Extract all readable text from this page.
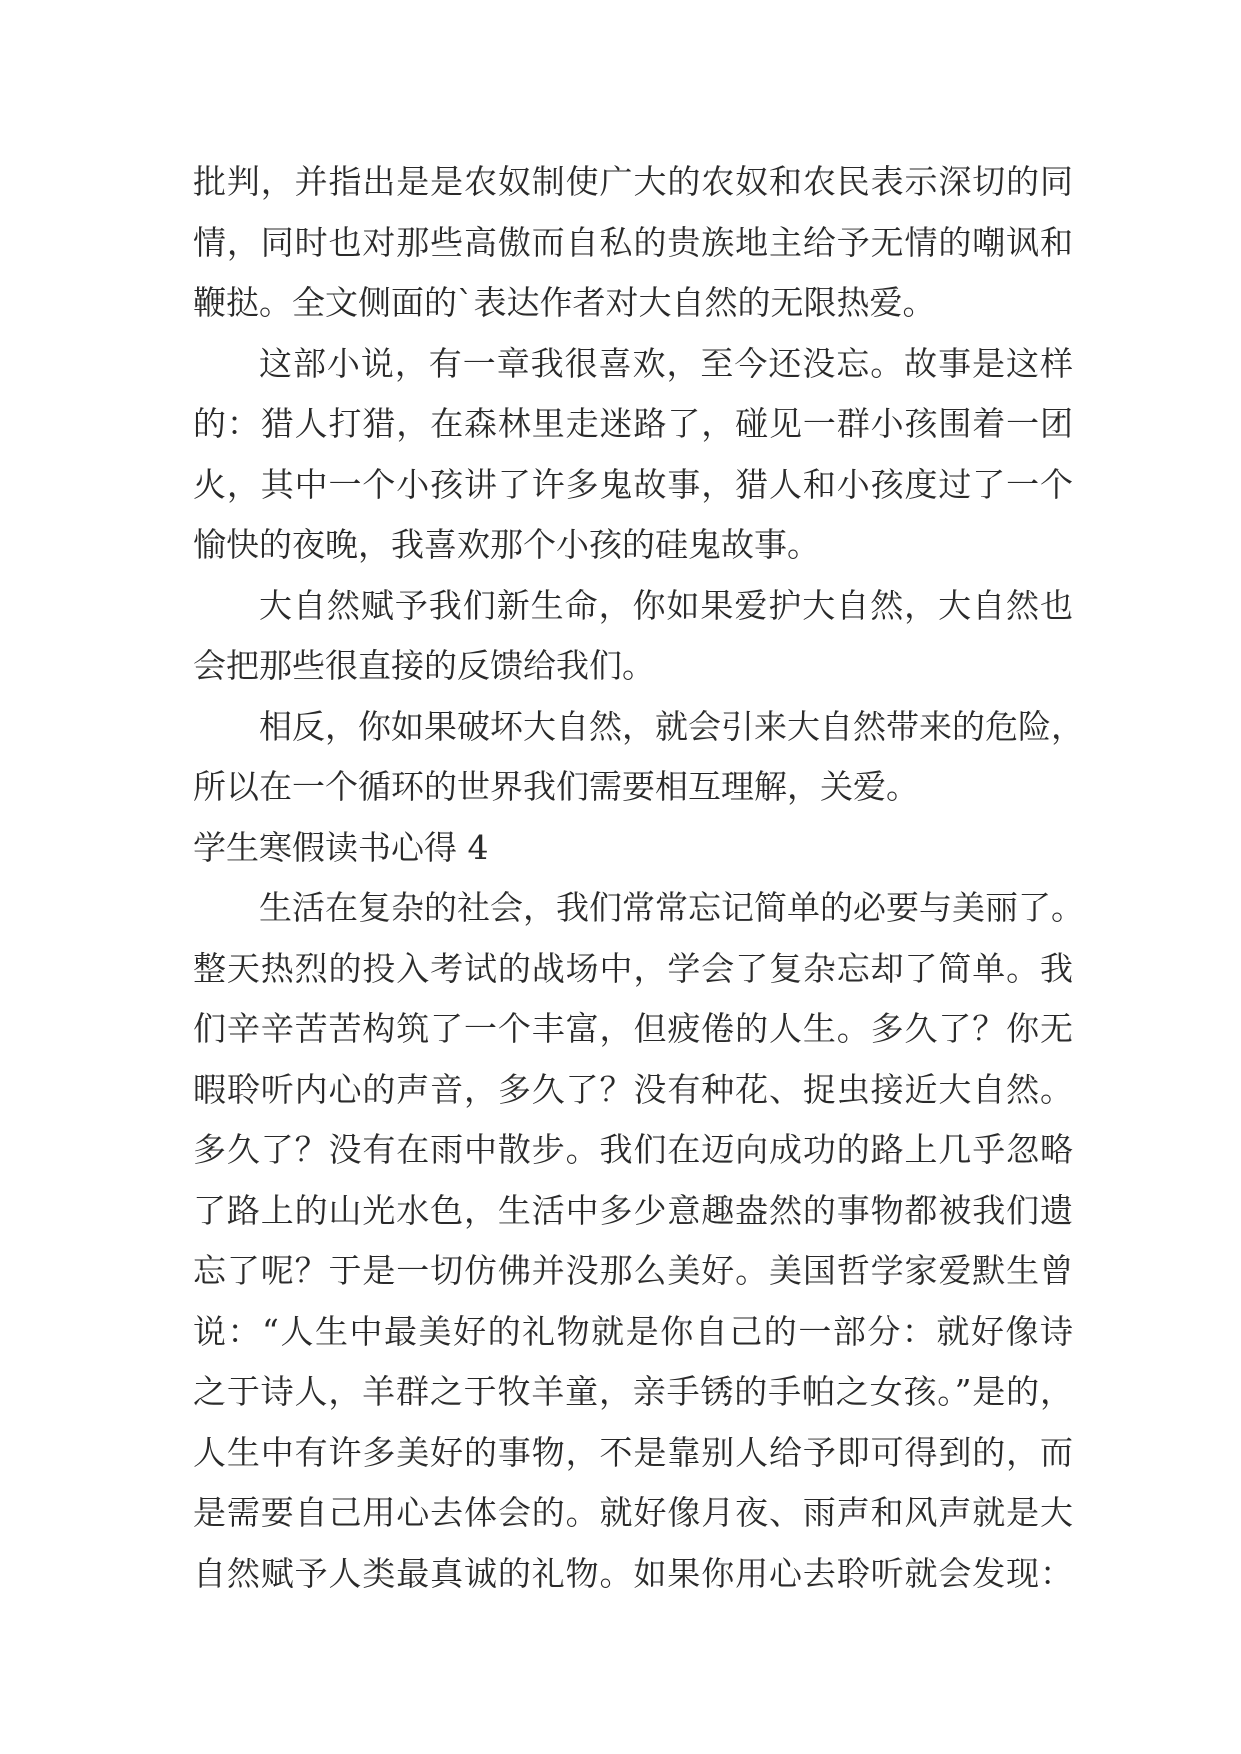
批判，并指出是是农奴制使广大的农奴和农民表示深切的同
情，同时也对那些高傲而自私的贵族地主给予无情的嘲讽和
鞭挞。全文侧面的`表达作者对大自然的无限热爱。
这部小说，有一章我很喜欢，至今还没忘。故事是这样
的：猎人打猎，在森林里走迷路了，碰见一群小孩围着一团
火，其中一个小孩讲了许多鬼故事，猎人和小孩度过了一个
愉快的夜晚，我喜欢那个小孩的硅鬼故事。
大自然赋予我们新生命，你如果爱护大自然，大自然也
会把那些很直接的反馈给我们。
相反，你如果破坏大自然，就会引来大自然带来的危险，
所以在一个循环的世界我们需要相互理解，关爱。
学生寒假读书心得 4
生活在复杂的社会，我们常常忘记简单的必要与美丽了。
整天热烈的投入考试的战场中，学会了复杂忘却了简单。我
们辛辛苦苦构筑了一个丰富，但疲倦的人生。多久了？你无
暇聆听内心的声音，多久了？没有种花、捉虫接近大自然。
多久了？没有在雨中散步。我们在迈向成功的路上几乎忽略
了路上的山光水色，生活中多少意趣盎然的事物都被我们遗
忘了呢？于是一切仿佛并没那么美好。美国哲学家爱默生曾
说：“人生中最美好的礼物就是你自己的一部分：就好像诗
之于诗人，羊群之于牧羊童，亲手锈的手帕之女孩。”是的，
人生中有许多美好的事物，不是靠别人给予即可得到的，而
是需要自己用心去体会的。就好像月夜、雨声和风声就是大
自然赋予人类最真诚的礼物。如果你用心去聆听就会发现：
